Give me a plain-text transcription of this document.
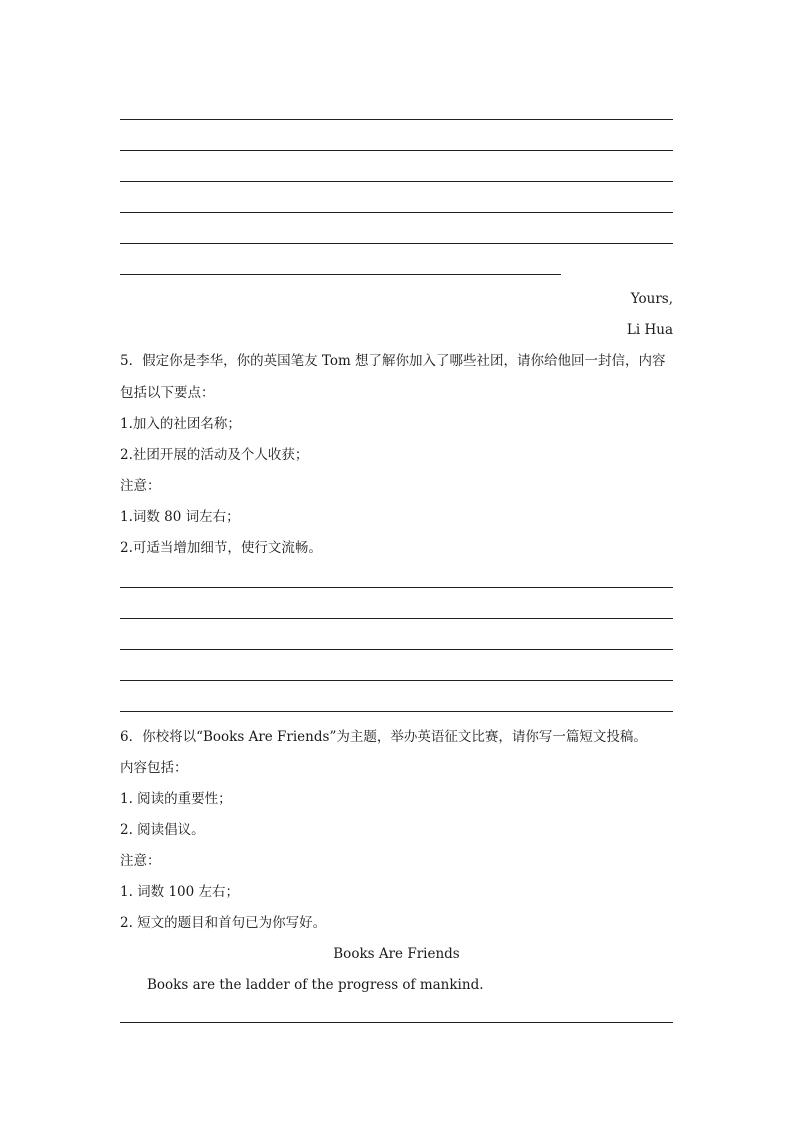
Yours,
Li Hua
5．假定你是李华，你的英国笔友 Tom 想了解你加入了哪些社团，请你给他回一封信，内容
包括以下要点：
1.加入的社团名称；
2.社团开展的活动及个人收获；
注意：
1.词数 80 词左右；
2.可适当增加细节，使行文流畅。
6．你校将以“Books Are Friends”为主题，举办英语征文比赛，请你写一篇短文投稿。
内容包括：
1. 阅读的重要性；
2. 阅读倡议。
注意：
1. 词数 100 左右；
2. 短文的题目和首句已为你写好。
Books Are Friends
Books are the ladder of the progress of mankind.
